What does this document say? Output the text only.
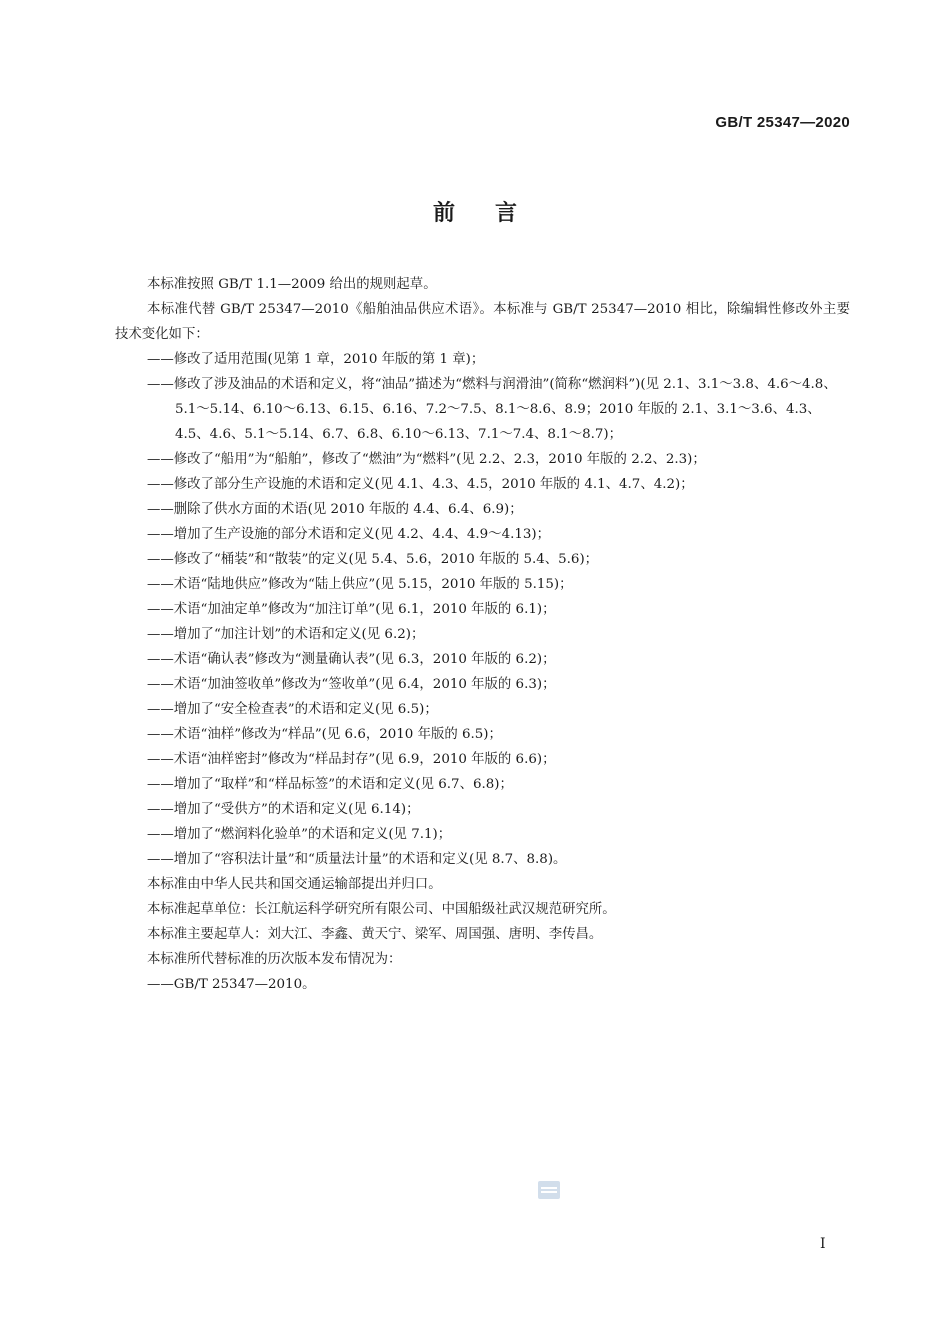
GB/T 25347—2020
前言

本标准按照 GB/T 1.1—2009 给出的规则起草。

本标准代替 GB/T 25347—2010《船舶油品供应术语》。本标准与 GB/T 25347—2010 相比，除编辑性修改外主要技术变化如下：

——修改了适用范围(见第 1 章，2010 年版的第 1 章)；

——修改了涉及油品的术语和定义，将“油品”描述为“燃料与润滑油”(简称“燃润料”)(见 2.1、3.1～3.8、4.6～4.8、5.1～5.14、6.10～6.13、6.15、6.16、7.2～7.5、8.1～8.6、8.9；2010 年版的 2.1、3.1～3.6、4.3、4.5、4.6、5.1～5.14、6.7、6.8、6.10～6.13、7.1～7.4、8.1～8.7)；

——修改了“船用”为“船舶”，修改了“燃油”为“燃料”(见 2.2、2.3，2010 年版的 2.2、2.3)；

——修改了部分生产设施的术语和定义(见 4.1、4.3、4.5，2010 年版的 4.1、4.7、4.2)；

——删除了供水方面的术语(见 2010 年版的 4.4、6.4、6.9)；

——增加了生产设施的部分术语和定义(见 4.2、4.4、4.9～4.13)；

——修改了“桶装”和“散装”的定义(见 5.4、5.6，2010 年版的 5.4、5.6)；

——术语“陆地供应”修改为“陆上供应”(见 5.15，2010 年版的 5.15)；

——术语“加油定单”修改为“加注订单”(见 6.1，2010 年版的 6.1)；

——增加了“加注计划”的术语和定义(见 6.2)；

——术语“确认表”修改为“测量确认表”(见 6.3，2010 年版的 6.2)；

——术语“加油签收单”修改为“签收单”(见 6.4，2010 年版的 6.3)；

——增加了“安全检查表”的术语和定义(见 6.5)；

——术语“油样”修改为“样品”(见 6.6，2010 年版的 6.5)；

——术语“油样密封”修改为“样品封存”(见 6.9，2010 年版的 6.6)；

——增加了“取样”和“样品标签”的术语和定义(见 6.7、6.8)；

——增加了“受供方”的术语和定义(见 6.14)；

——增加了“燃润料化验单”的术语和定义(见 7.1)；

——增加了“容积法计量”和“质量法计量”的术语和定义(见 8.7、8.8)。

本标准由中华人民共和国交通运输部提出并归口。

本标准起草单位：长江航运科学研究所有限公司、中国船级社武汉规范研究所。

本标准主要起草人：刘大江、李鑫、黄天宁、梁军、周国强、唐明、李传昌。

本标准所代替标准的历次版本发布情况为：

——GB/T 25347—2010。

I
